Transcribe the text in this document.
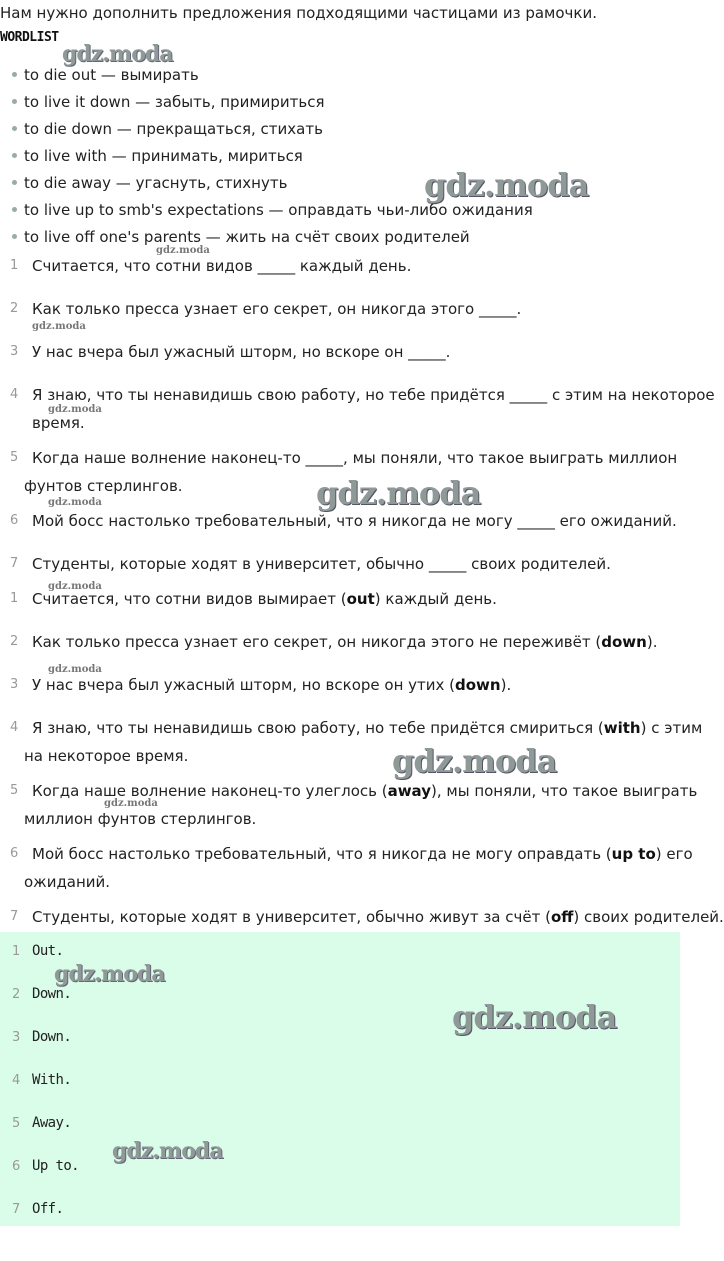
Нам нужно дополнить предложения подходящими частицами из рамочки.
WORDLIST
to die out — вымирать
to live it down — забыть, примириться
to die down — прекращаться, стихать
to live with — принимать, мириться
to die away — угаснуть, стихнуть
to live up to smb's expectations — оправдать чьи-либо ожидания
to live off one's parents — жить на счёт своих родителей
1 Считается, что сотни видов _____ каждый день.
2 Как только пресса узнает его секрет, он никогда этого _____.
3 У нас вчера был ужасный шторм, но вскоре он _____.
4 Я знаю, что ты ненавидишь свою работу, но тебе придётся _____ с этим на некоторое
время.
5 Когда наше волнение наконец-то _____, мы поняли, что такое выиграть миллион
фунтов стерлингов.
6 Мой босс настолько требовательный, что я никогда не могу _____ его ожиданий.
7 Студенты, которые ходят в университет, обычно _____ своих родителей.
1 Считается, что сотни видов вымирает (out) каждый день.
2 Как только пресса узнает его секрет, он никогда этого не переживёт (down).
3 У нас вчера был ужасный шторм, но вскоре он утих (down).
4 Я знаю, что ты ненавидишь свою работу, но тебе придётся смириться (with) с этим
на некоторое время.
5 Когда наше волнение наконец-то улеглось (away), мы поняли, что такое выиграть
миллион фунтов стерлингов.
6 Мой босс настолько требовательный, что я никогда не могу оправдать (up to) его
ожиданий.
7 Студенты, которые ходят в университет, обычно живут за счёт (off) своих родителей.
1 Out.
2 Down.
3 Down.
4 With.
5 Away.
6 Up to.
7 Off.
gdz.moda
gdz.moda
gdz.moda
gdz.moda
gdz.moda
gdz.moda
gdz.moda
gdz.moda
gdz.moda
gdz.moda
gdz.moda
gdz.moda
gdz.moda
gdz.moda
